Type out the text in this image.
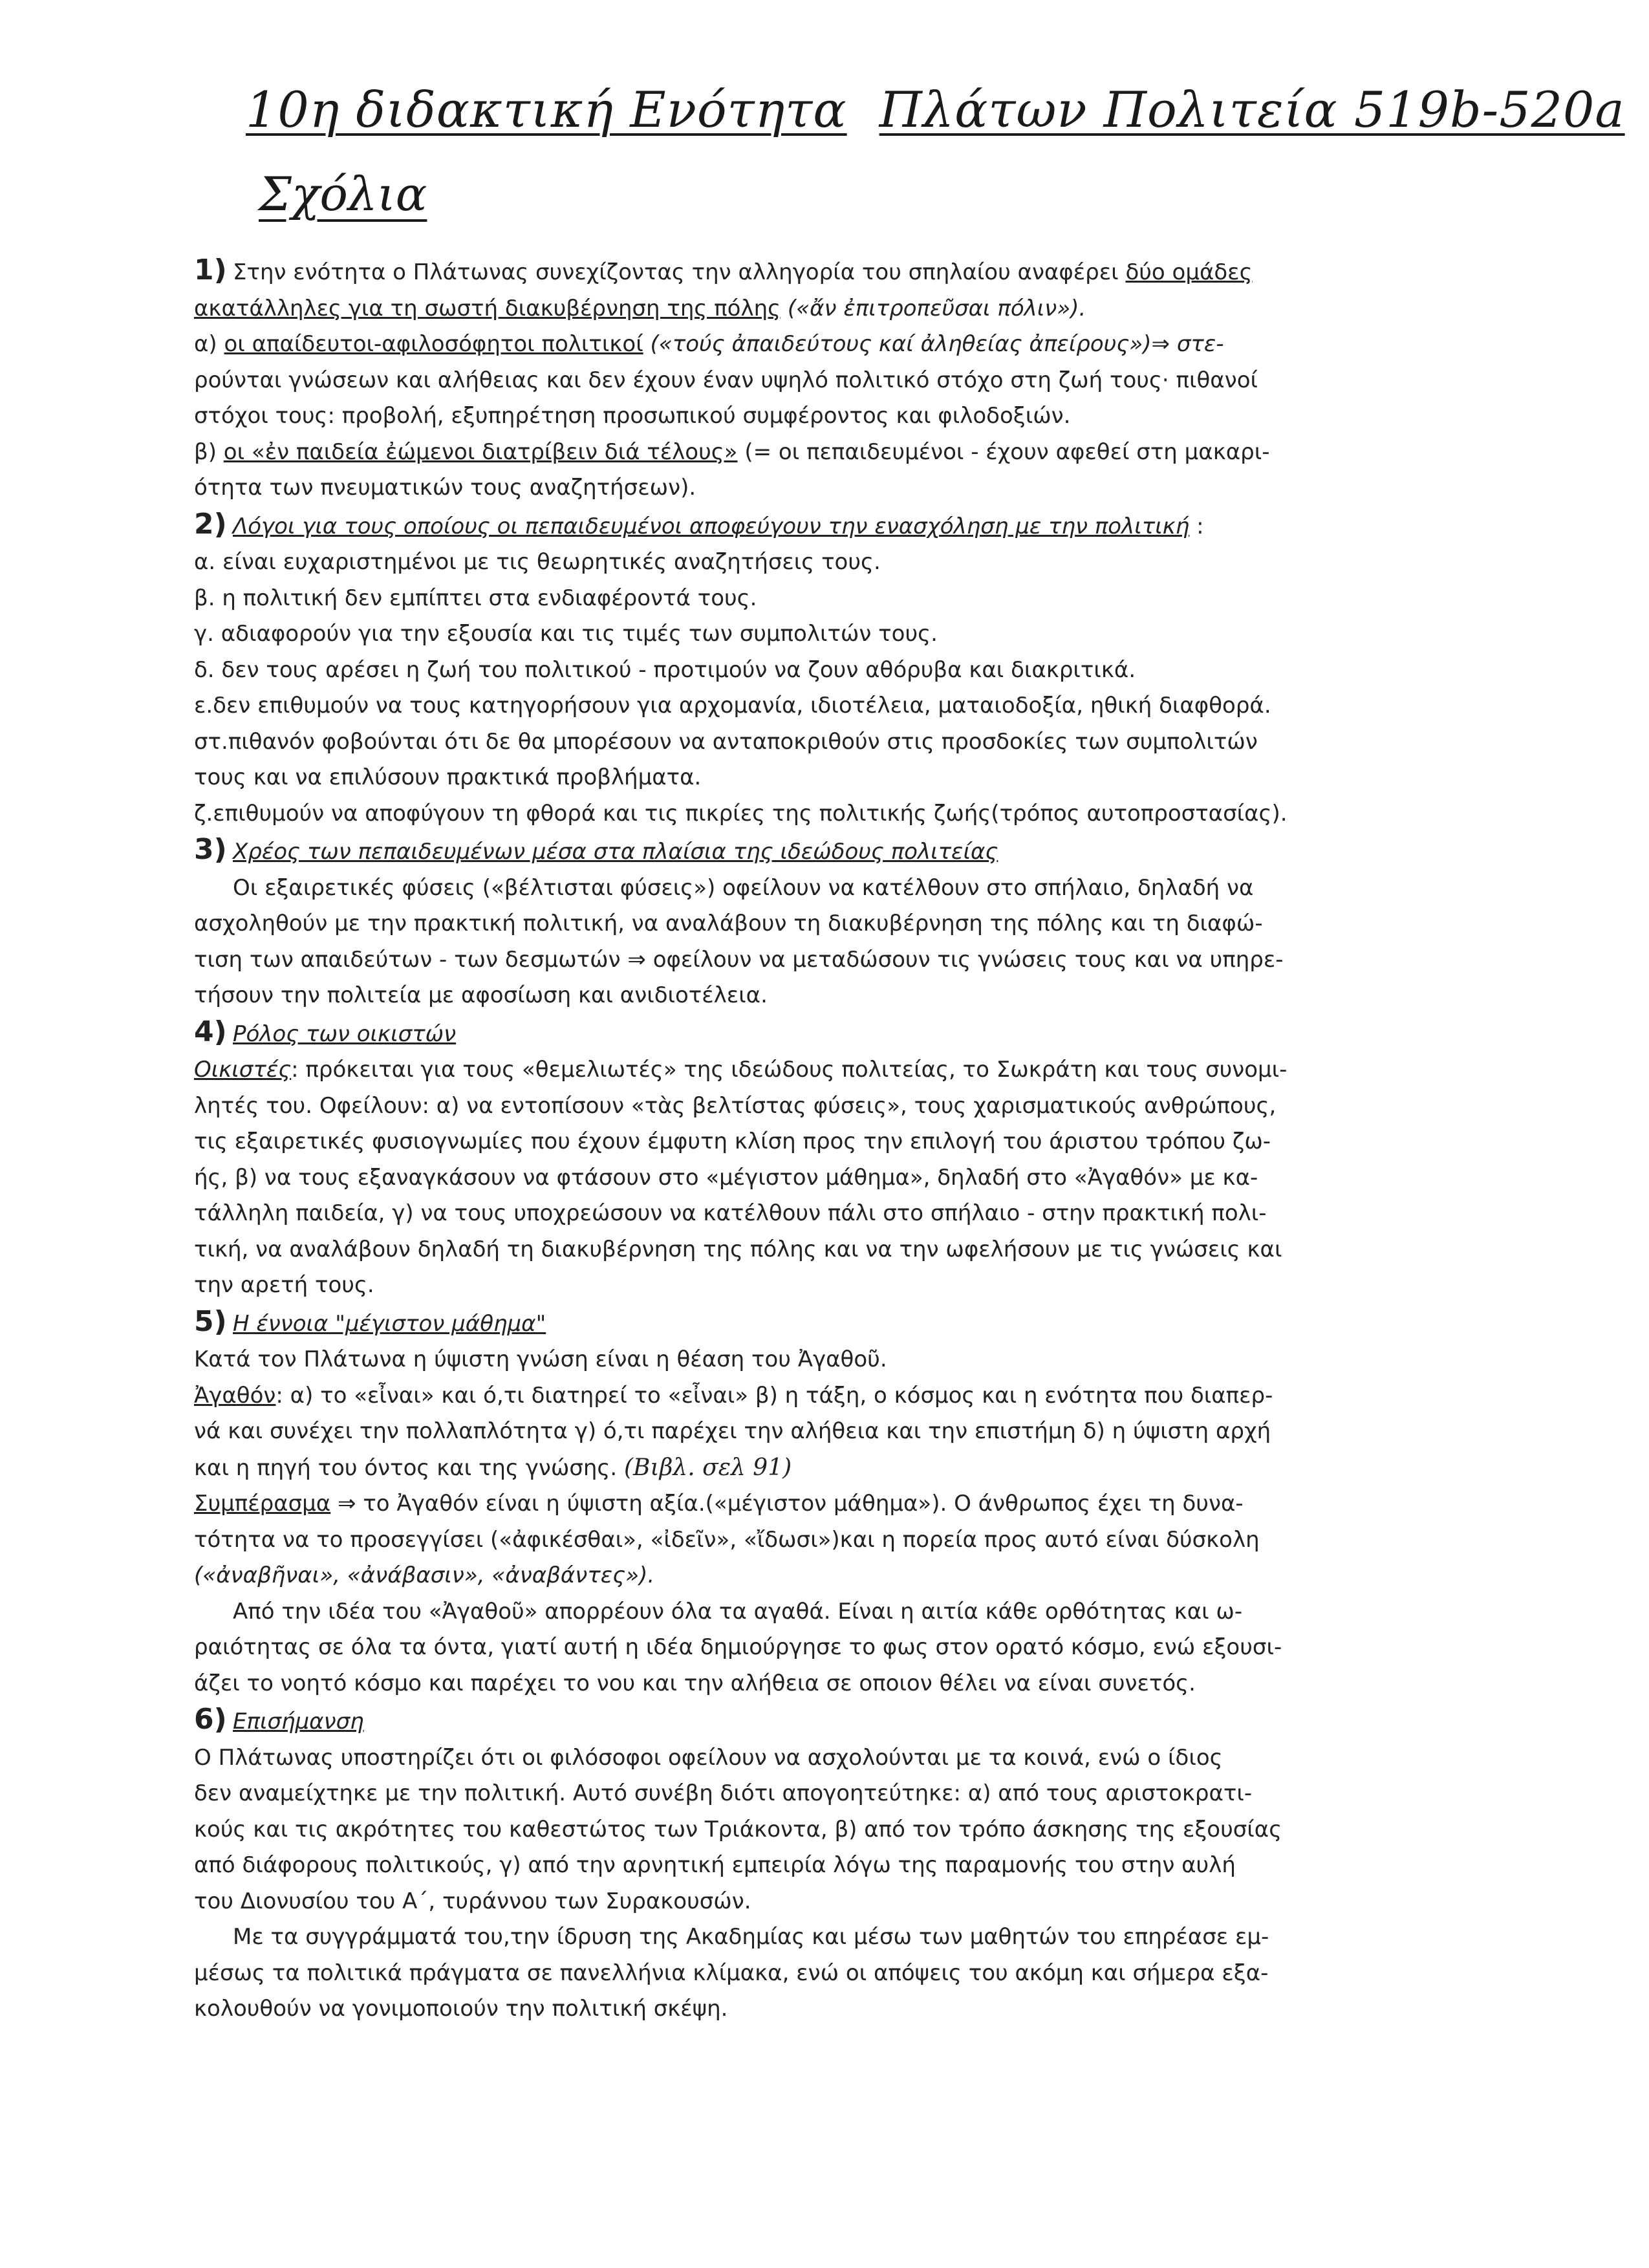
10η διδακτική Ενότητα Πλάτων Πολιτεία 519b-520a
Σχόλια
1) Στην ενότητα ο Πλάτωνας συνεχίζοντας την αλληγορία του σπηλαίου αναφέρει δύο ομάδες
ακατάλληλες για τη σωστή διακυβέρνηση της πόλης («ἄν ἐπιτροπεῦσαι πόλιν»).
α) οι απαίδευτοι-αφιλοσόφητοι πολιτικοί («τούς ἀπαιδεύτους καί ἀληθείας ἀπείρους»)⇒ στε-
ρούνται γνώσεων και αλήθειας και δεν έχουν έναν υψηλό πολιτικό στόχο στη ζωή τους· πιθανοί
στόχοι τους: προβολή, εξυπηρέτηση προσωπικού συμφέροντος και φιλοδοξιών.
β) οι «ἐν παιδεία ἐώμενοι διατρίβειν διά τέλους» (= οι πεπαιδευμένοι - έχουν αφεθεί στη μακαρι-
ότητα των πνευματικών τους αναζητήσεων).
2) Λόγοι για τους οποίους οι πεπαιδευμένοι αποφεύγουν την ενασχόληση με την πολιτική :
α. είναι ευχαριστημένοι με τις θεωρητικές αναζητήσεις τους.
β. η πολιτική δεν εμπίπτει στα ενδιαφέροντά τους.
γ. αδιαφορούν για την εξουσία και τις τιμές των συμπολιτών τους.
δ. δεν τους αρέσει η ζωή του πολιτικού - προτιμούν να ζουν αθόρυβα και διακριτικά.
ε.δεν επιθυμούν να τους κατηγορήσουν για αρχομανία, ιδιοτέλεια, ματαιοδοξία, ηθική διαφθορά.
στ.πιθανόν φοβούνται ότι δε θα μπορέσουν να ανταποκριθούν στις προσδοκίες των συμπολιτών
τους και να επιλύσουν πρακτικά προβλήματα.
ζ.επιθυμούν να αποφύγουν τη φθορά και τις πικρίες της πολιτικής ζωής(τρόπος αυτοπροστασίας).
3) Χρέος των πεπαιδευμένων μέσα στα πλαίσια της ιδεώδους πολιτείας
Οι εξαιρετικές φύσεις («βέλτισται φύσεις») οφείλουν να κατέλθουν στο σπήλαιο, δηλαδή να
ασχοληθούν με την πρακτική πολιτική, να αναλάβουν τη διακυβέρνηση της πόλης και τη διαφώ-
τιση των απαιδεύτων - των δεσμωτών ⇒ οφείλουν να μεταδώσουν τις γνώσεις τους και να υπηρε-
τήσουν την πολιτεία με αφοσίωση και ανιδιοτέλεια.
4) Ρόλος των οικιστών
Οικιστές: πρόκειται για τους «θεμελιωτές» της ιδεώδους πολιτείας, το Σωκράτη και τους συνομι-
λητές του. Οφείλουν: α) να εντοπίσουν «τὰς βελτίστας φύσεις», τους χαρισματικούς ανθρώπους,
τις εξαιρετικές φυσιογνωμίες που έχουν έμφυτη κλίση προς την επιλογή του άριστου τρόπου ζω-
ής, β) να τους εξαναγκάσουν να φτάσουν στο «μέγιστον μάθημα», δηλαδή στο «Ἀγαθόν» με κα-
τάλληλη παιδεία, γ) να τους υποχρεώσουν να κατέλθουν πάλι στο σπήλαιο - στην πρακτική πολι-
τική, να αναλάβουν δηλαδή τη διακυβέρνηση της πόλης και να την ωφελήσουν με τις γνώσεις και
την αρετή τους.
5) Η έννοια "μέγιστον μάθημα"
Κατά τον Πλάτωνα η ύψιστη γνώση είναι η θέαση του Ἀγαθοῦ.
Ἀγαθόν: α) το «εἶναι» και ό,τι διατηρεί το «εἶναι» β) η τάξη, ο κόσμος και η ενότητα που διαπερ-
νά και συνέχει την πολλαπλότητα γ) ό,τι παρέχει την αλήθεια και την επιστήμη δ) η ύψιστη αρχή
και η πηγή του όντος και της γνώσης. (Βιβλ. σελ 91)
Συμπέρασμα ⇒ το Ἀγαθόν είναι η ύψιστη αξία.(«μέγιστον μάθημα»). Ο άνθρωπος έχει τη δυνα-
τότητα να το προσεγγίσει («ἀφικέσθαι», «ἰδεῖν», «ἴδωσι»)και η πορεία προς αυτό είναι δύσκολη
(«ἀναβῆναι», «ἀνάβασιν», «ἀναβάντες»).
Από την ιδέα του «Ἀγαθοῦ» απορρέουν όλα τα αγαθά. Είναι η αιτία κάθε ορθότητας και ω-
ραιότητας σε όλα τα όντα, γιατί αυτή η ιδέα δημιούργησε το φως στον ορατό κόσμο, ενώ εξουσι-
άζει το νοητό κόσμο και παρέχει το νου και την αλήθεια σε οποιον θέλει να είναι συνετός.
6) Επισήμανση
Ο Πλάτωνας υποστηρίζει ότι οι φιλόσοφοι οφείλουν να ασχολούνται με τα κοινά, ενώ ο ίδιος
δεν αναμείχτηκε με την πολιτική. Αυτό συνέβη διότι απογοητεύτηκε: α) από τους αριστοκρατι-
κούς και τις ακρότητες του καθεστώτος των Τριάκοντα, β) από τον τρόπο άσκησης της εξουσίας
από διάφορους πολιτικούς, γ) από την αρνητική εμπειρία λόγω της παραμονής του στην αυλή
του Διονυσίου του Α΄, τυράννου των Συρακουσών.
Με τα συγγράμματά του,την ίδρυση της Ακαδημίας και μέσω των μαθητών του επηρέασε εμ-
μέσως τα πολιτικά πράγματα σε πανελλήνια κλίμακα, ενώ οι απόψεις του ακόμη και σήμερα εξα-
κολουθούν να γονιμοποιούν την πολιτική σκέψη.
